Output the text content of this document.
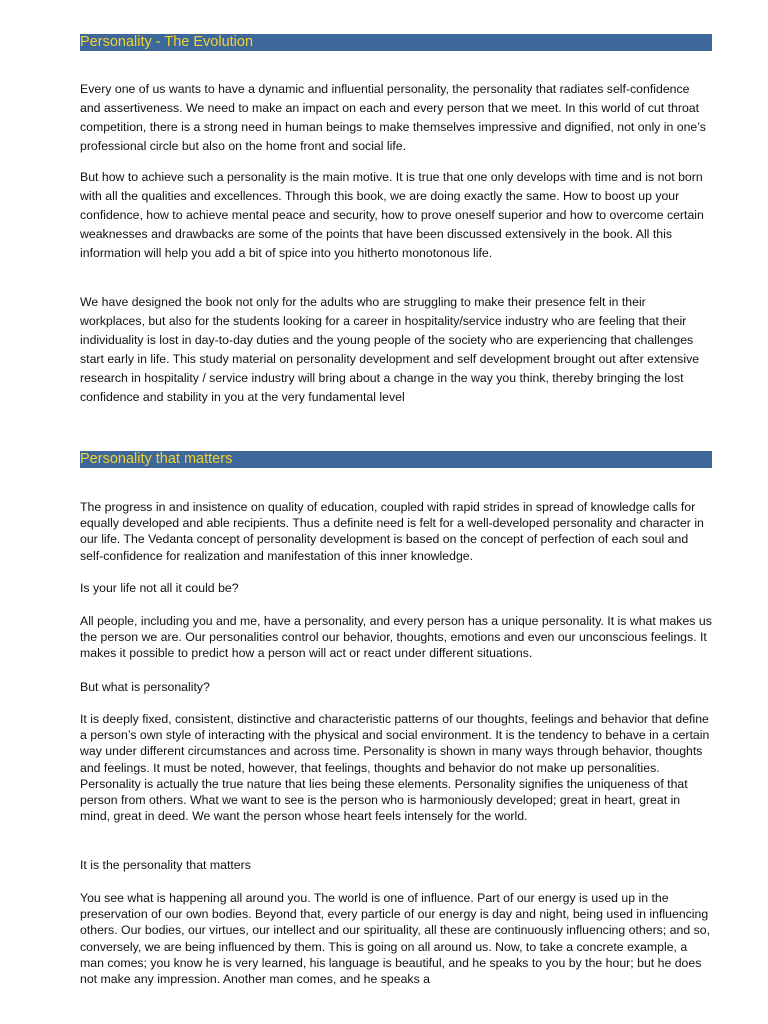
Personality - The Evolution

Every one of us wants to have a dynamic and influential personality, the personality that radiates self-confidence and assertiveness. We need to make an impact on each and every person that we meet. In this world of cut throat competition, there is a strong need in human beings to make themselves impressive and dignified, not only in one’s professional circle but also on the home front and social life.

But how to achieve such a personality is the main motive. It is true that one only develops with time and is not born with all the qualities and excellences. Through this book, we are doing exactly the same. How to boost up your confidence, how to achieve mental peace and security, how to prove oneself superior and how to overcome certain weaknesses and drawbacks are some of the points that have been discussed extensively in the book. All this information will help you add a bit of spice into you hitherto monotonous life.

We have designed the book not only for the adults who are struggling to make their presence felt in their workplaces, but also for the students looking for a career in hospitality/service industry who are feeling that their individuality is lost in day-to-day duties and the young people of the society who are experiencing that challenges start early in life. This study material on personality development and self development brought out after extensive research in hospitality / service industry will bring about a change in the way you think, thereby bringing the lost confidence and stability in you at the very fundamental level

Personality that matters

The progress in and insistence on quality of education, coupled with rapid strides in spread of knowledge calls for equally developed and able recipients. Thus a definite need is felt for a well-developed personality and character in our life. The Vedanta concept of personality development is based on the concept of perfection of each soul and self-confidence for realization and manifestation of this inner knowledge.

Is your life not all it could be?

All people, including you and me, have a personality, and every person has a unique personality. It is what makes us the person we are. Our personalities control our behavior, thoughts, emotions and even our unconscious feelings. It makes it possible to predict how a person will act or react under different situations.

But what is personality?

It is deeply fixed, consistent, distinctive and characteristic patterns of our thoughts, feelings and behavior that define a person’s own style of interacting with the physical and social environment. It is the tendency to behave in a certain way under different circumstances and across time. Personality is shown in many ways through behavior, thoughts and feelings. It must be noted, however, that feelings, thoughts and behavior do not make up personalities. Personality is actually the true nature that lies being these elements. Personality signifies the uniqueness of that person from others. What we want to see is the person who is harmoniously developed; great in heart, great in mind, great in deed. We want the person whose heart feels intensely for the world.

It is the personality that matters

You see what is happening all around you. The world is one of influence. Part of our energy is used up in the preservation of our own bodies. Beyond that, every particle of our energy is day and night, being used in influencing others. Our bodies, our virtues, our intellect and our spirituality, all these are continuously influencing others; and so, conversely, we are being influenced by them. This is going on all around us. Now, to take a concrete example, a man comes; you know he is very learned, his language is beautiful, and he speaks to you by the hour; but he does not make any impression. Another man comes, and he speaks a
